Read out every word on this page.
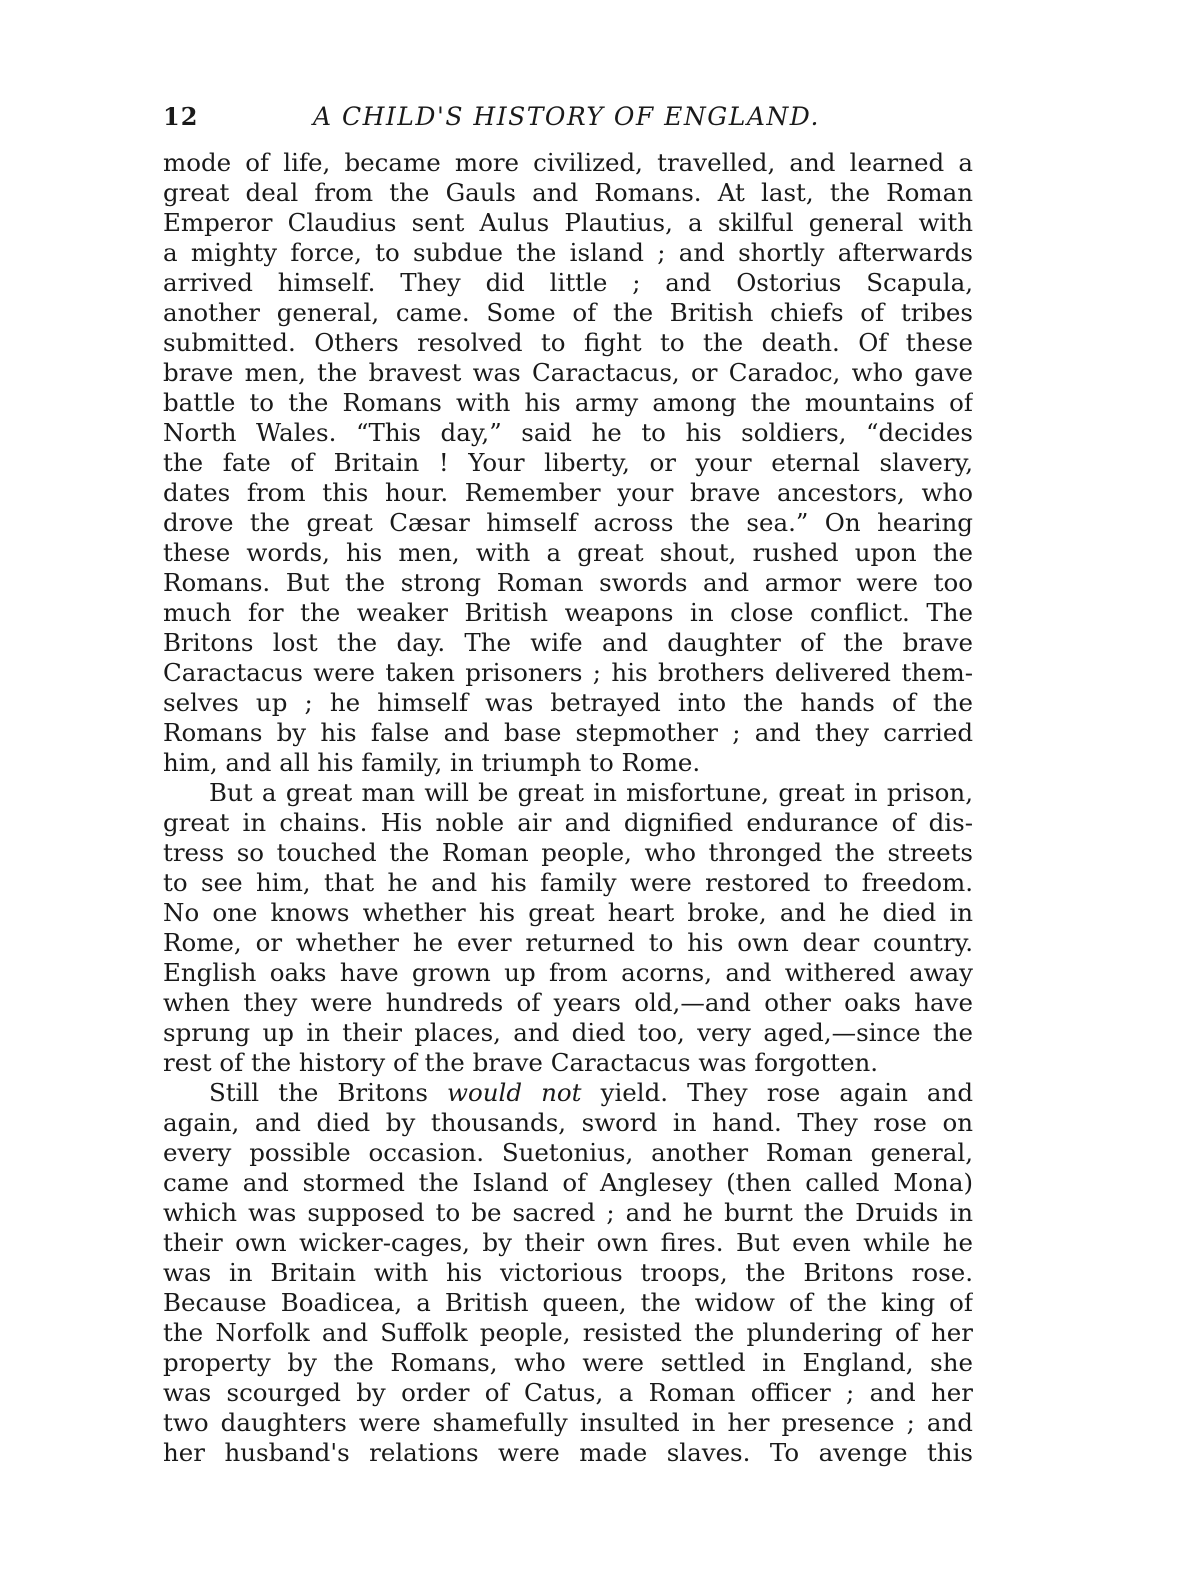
12	A CHILD'S HISTORY OF ENGLAND.
mode of life, became more civilized, travelled, and learned a
great deal from the Gauls and Romans. At last, the Roman
Emperor Claudius sent Aulus Plautius, a skilful general with
a mighty force, to subdue the island ; and shortly afterwards
arrived himself. They did little ; and Ostorius Scapula,
another general, came. Some of the British chiefs of tribes
submitted. Others resolved to fight to the death. Of these
brave men, the bravest was Caractacus, or Caradoc, who gave
battle to the Romans with his army among the mountains of
North Wales. “This day,” said he to his soldiers, “decides
the fate of Britain ! Your liberty, or your eternal slavery,
dates from this hour. Remember your brave ancestors, who
drove the great Cæsar himself across the sea.” On hearing
these words, his men, with a great shout, rushed upon the
Romans. But the strong Roman swords and armor were too
much for the weaker British weapons in close conflict. The
Britons lost the day. The wife and daughter of the brave
Caractacus were taken prisoners ; his brothers delivered them-
selves up ; he himself was betrayed into the hands of the
Romans by his false and base stepmother ; and they carried
him, and all his family, in triumph to Rome.
But a great man will be great in misfortune, great in prison,
great in chains. His noble air and dignified endurance of dis-
tress so touched the Roman people, who thronged the streets
to see him, that he and his family were restored to freedom.
No one knows whether his great heart broke, and he died in
Rome, or whether he ever returned to his own dear country.
English oaks have grown up from acorns, and withered away
when they were hundreds of years old,—and other oaks have
sprung up in their places, and died too, very aged,—since the
rest of the history of the brave Caractacus was forgotten.
Still the Britons would not yield. They rose again and
again, and died by thousands, sword in hand. They rose on
every possible occasion. Suetonius, another Roman general,
came and stormed the Island of Anglesey (then called Mona)
which was supposed to be sacred ; and he burnt the Druids in
their own wicker-cages, by their own fires. But even while he
was in Britain with his victorious troops, the Britons rose.
Because Boadicea, a British queen, the widow of the king of
the Norfolk and Suffolk people, resisted the plundering of her
property by the Romans, who were settled in England, she
was scourged by order of Catus, a Roman officer ; and her
two daughters were shamefully insulted in her presence ; and
her husband's relations were made slaves. To avenge this
